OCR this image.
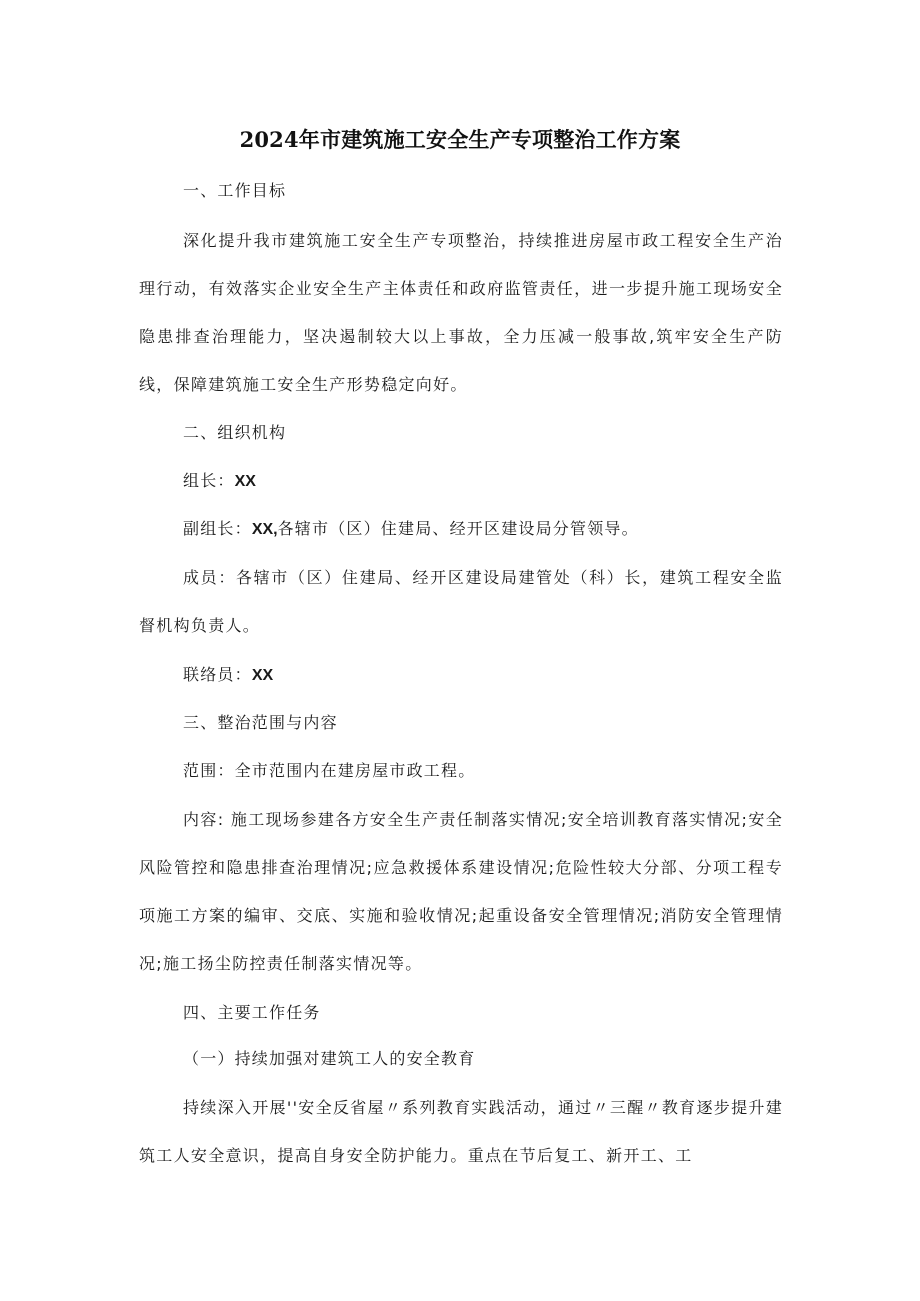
2024年市建筑施工安全生产专项整治工作方案
一、工作目标
深化提升我市建筑施工安全生产专项整治，持续推进房屋市政工程安全生产治理行动，有效落实企业安全生产主体责任和政府监管责任，进一步提升施工现场安全隐患排查治理能力，坚决遏制较大以上事故，全力压减一般事故,筑牢安全生产防线，保障建筑施工安全生产形势稳定向好。
二、组织机构
组长：XX
副组长：XX,各辖市（区）住建局、经开区建设局分管领导。
成员：各辖市（区）住建局、经开区建设局建管处（科）长，建筑工程安全监督机构负责人。
联络员：XX
三、整治范围与内容
范围：全市范围内在建房屋市政工程。
内容: 施工现场参建各方安全生产责任制落实情况;安全培训教育落实情况;安全风险管控和隐患排查治理情况;应急救援体系建设情况;危险性较大分部、分项工程专项施工方案的编审、交底、实施和验收情况;起重设备安全管理情况;消防安全管理情况;施工扬尘防控责任制落实情况等。
四、主要工作任务
（一）持续加强对建筑工人的安全教育
持续深入开展''安全反省屋〃系列教育实践活动，通过〃三醒〃教育逐步提升建筑工人安全意识，提高自身安全防护能力。重点在节后复工、新开工、工
